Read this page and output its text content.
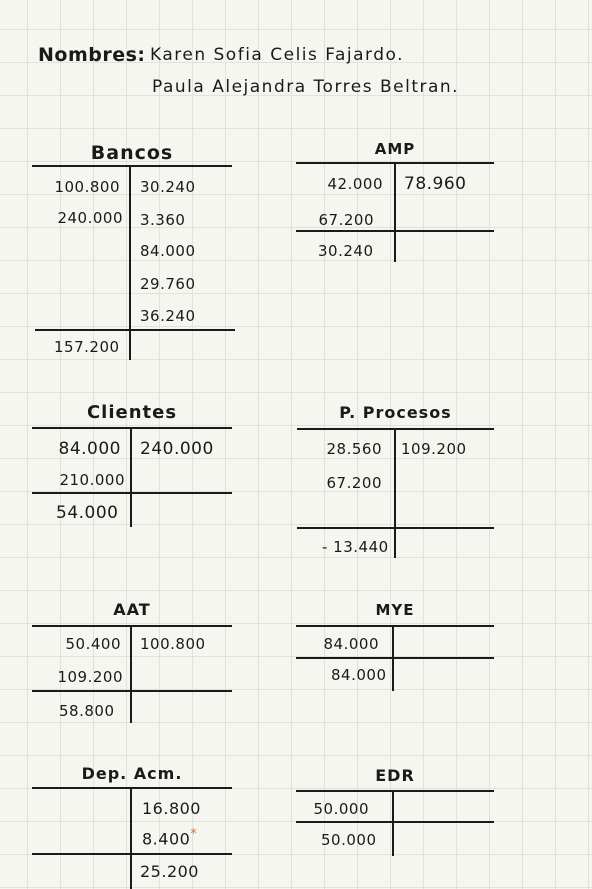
Nombres: Karen Sofia Celis Fajardo.
Paula Alejandra Torres Beltran.
Bancos
100.800
240.000
30.240
3.360
84.000
29.760
36.240
157.200
AMP
42.000
67.200
78.960
30.240
Clientes
84.000
210.000
240.000
54.000
P. Procesos
28.560
67.200
109.200
- 13.440
AAT
50.400
109.200
100.800
58.800
MYE
84.000
84.000
Dep. Acm.
16.800
8.400*
25.200
EDR
50.000
50.000
